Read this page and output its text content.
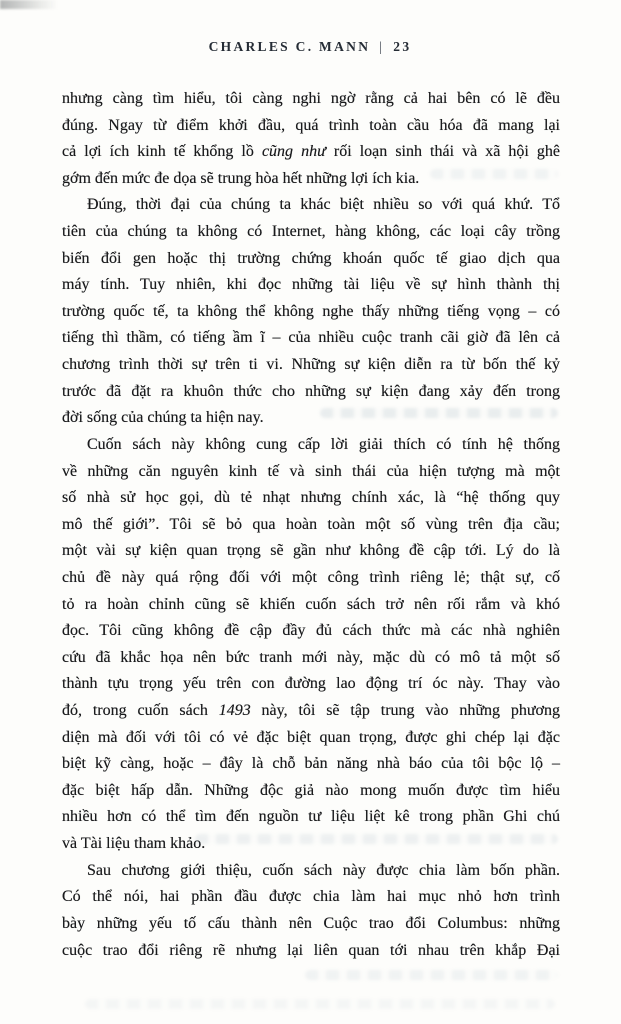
CHARLES C. MANN | 23
nhưng càng tìm hiểu, tôi càng nghi ngờ rằng cả hai bên có lẽ đều
đúng. Ngay từ điểm khởi đầu, quá trình toàn cầu hóa đã mang lại
cả lợi ích kinh tế khổng lồ cũng như rối loạn sinh thái và xã hội ghê
gớm đến mức đe dọa sẽ trung hòa hết những lợi ích kia.
Đúng, thời đại của chúng ta khác biệt nhiều so với quá khứ. Tổ
tiên của chúng ta không có Internet, hàng không, các loại cây trồng
biến đổi gen hoặc thị trường chứng khoán quốc tế giao dịch qua
máy tính. Tuy nhiên, khi đọc những tài liệu về sự hình thành thị
trường quốc tế, ta không thể không nghe thấy những tiếng vọng – có
tiếng thì thầm, có tiếng ầm ĩ – của nhiều cuộc tranh cãi giờ đã lên cả
chương trình thời sự trên ti vi. Những sự kiện diễn ra từ bốn thế kỷ
trước đã đặt ra khuôn thức cho những sự kiện đang xảy đến trong
đời sống của chúng ta hiện nay.
Cuốn sách này không cung cấp lời giải thích có tính hệ thống
về những căn nguyên kinh tế và sinh thái của hiện tượng mà một
số nhà sử học gọi, dù tẻ nhạt nhưng chính xác, là “hệ thống quy
mô thế giới”. Tôi sẽ bỏ qua hoàn toàn một số vùng trên địa cầu;
một vài sự kiện quan trọng sẽ gần như không đề cập tới. Lý do là
chủ đề này quá rộng đối với một công trình riêng lẻ; thật sự, cố
tỏ ra hoàn chỉnh cũng sẽ khiến cuốn sách trở nên rối rắm và khó
đọc. Tôi cũng không đề cập đầy đủ cách thức mà các nhà nghiên
cứu đã khắc họa nên bức tranh mới này, mặc dù có mô tả một số
thành tựu trọng yếu trên con đường lao động trí óc này. Thay vào
đó, trong cuốn sách 1493 này, tôi sẽ tập trung vào những phương
diện mà đối với tôi có vẻ đặc biệt quan trọng, được ghi chép lại đặc
biệt kỹ càng, hoặc – đây là chỗ bản năng nhà báo của tôi bộc lộ –
đặc biệt hấp dẫn. Những độc giả nào mong muốn được tìm hiểu
nhiều hơn có thể tìm đến nguồn tư liệu liệt kê trong phần Ghi chú
và Tài liệu tham khảo.
Sau chương giới thiệu, cuốn sách này được chia làm bốn phần.
Có thể nói, hai phần đầu được chia làm hai mục nhỏ hơn trình
bày những yếu tố cấu thành nên Cuộc trao đổi Columbus: những
cuộc trao đổi riêng rẽ nhưng lại liên quan tới nhau trên khắp Đại
